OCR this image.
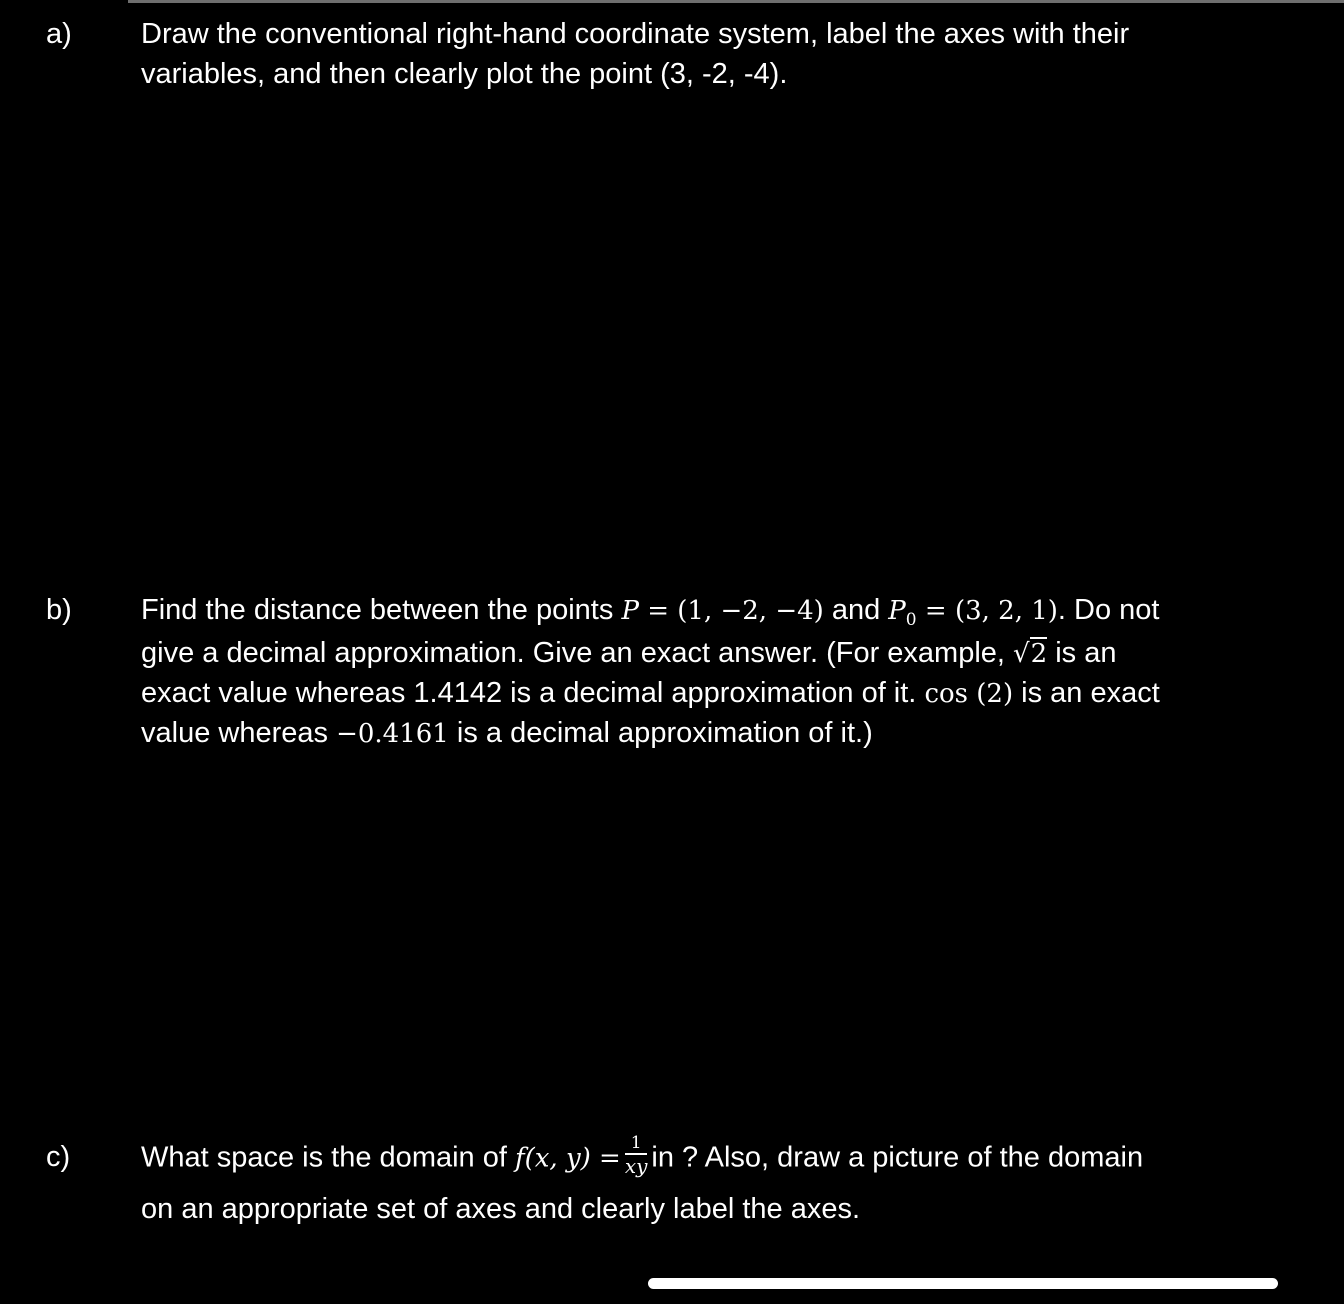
a) Draw the conventional right-hand coordinate system, label the axes with their
variables, and then clearly plot the point (3, -2, -4).
b) Find the distance between the points P = (1, −2, −4) and $P_0 = (3$, 2, 1). Do not
give a decimal approximation. Give an exact answer. (For example, √2 is an
exact value whereas 1.4142 is a decimal approximation of it. cos (2) is an exact
value whereas −0.4161 is a decimal approximation of it.)
c) What space is the domain of f(x, $y) = \frac{1}{xy}$ in ? Also, draw a picture of the domain
on an appropriate set of axes and clearly label the axes.
